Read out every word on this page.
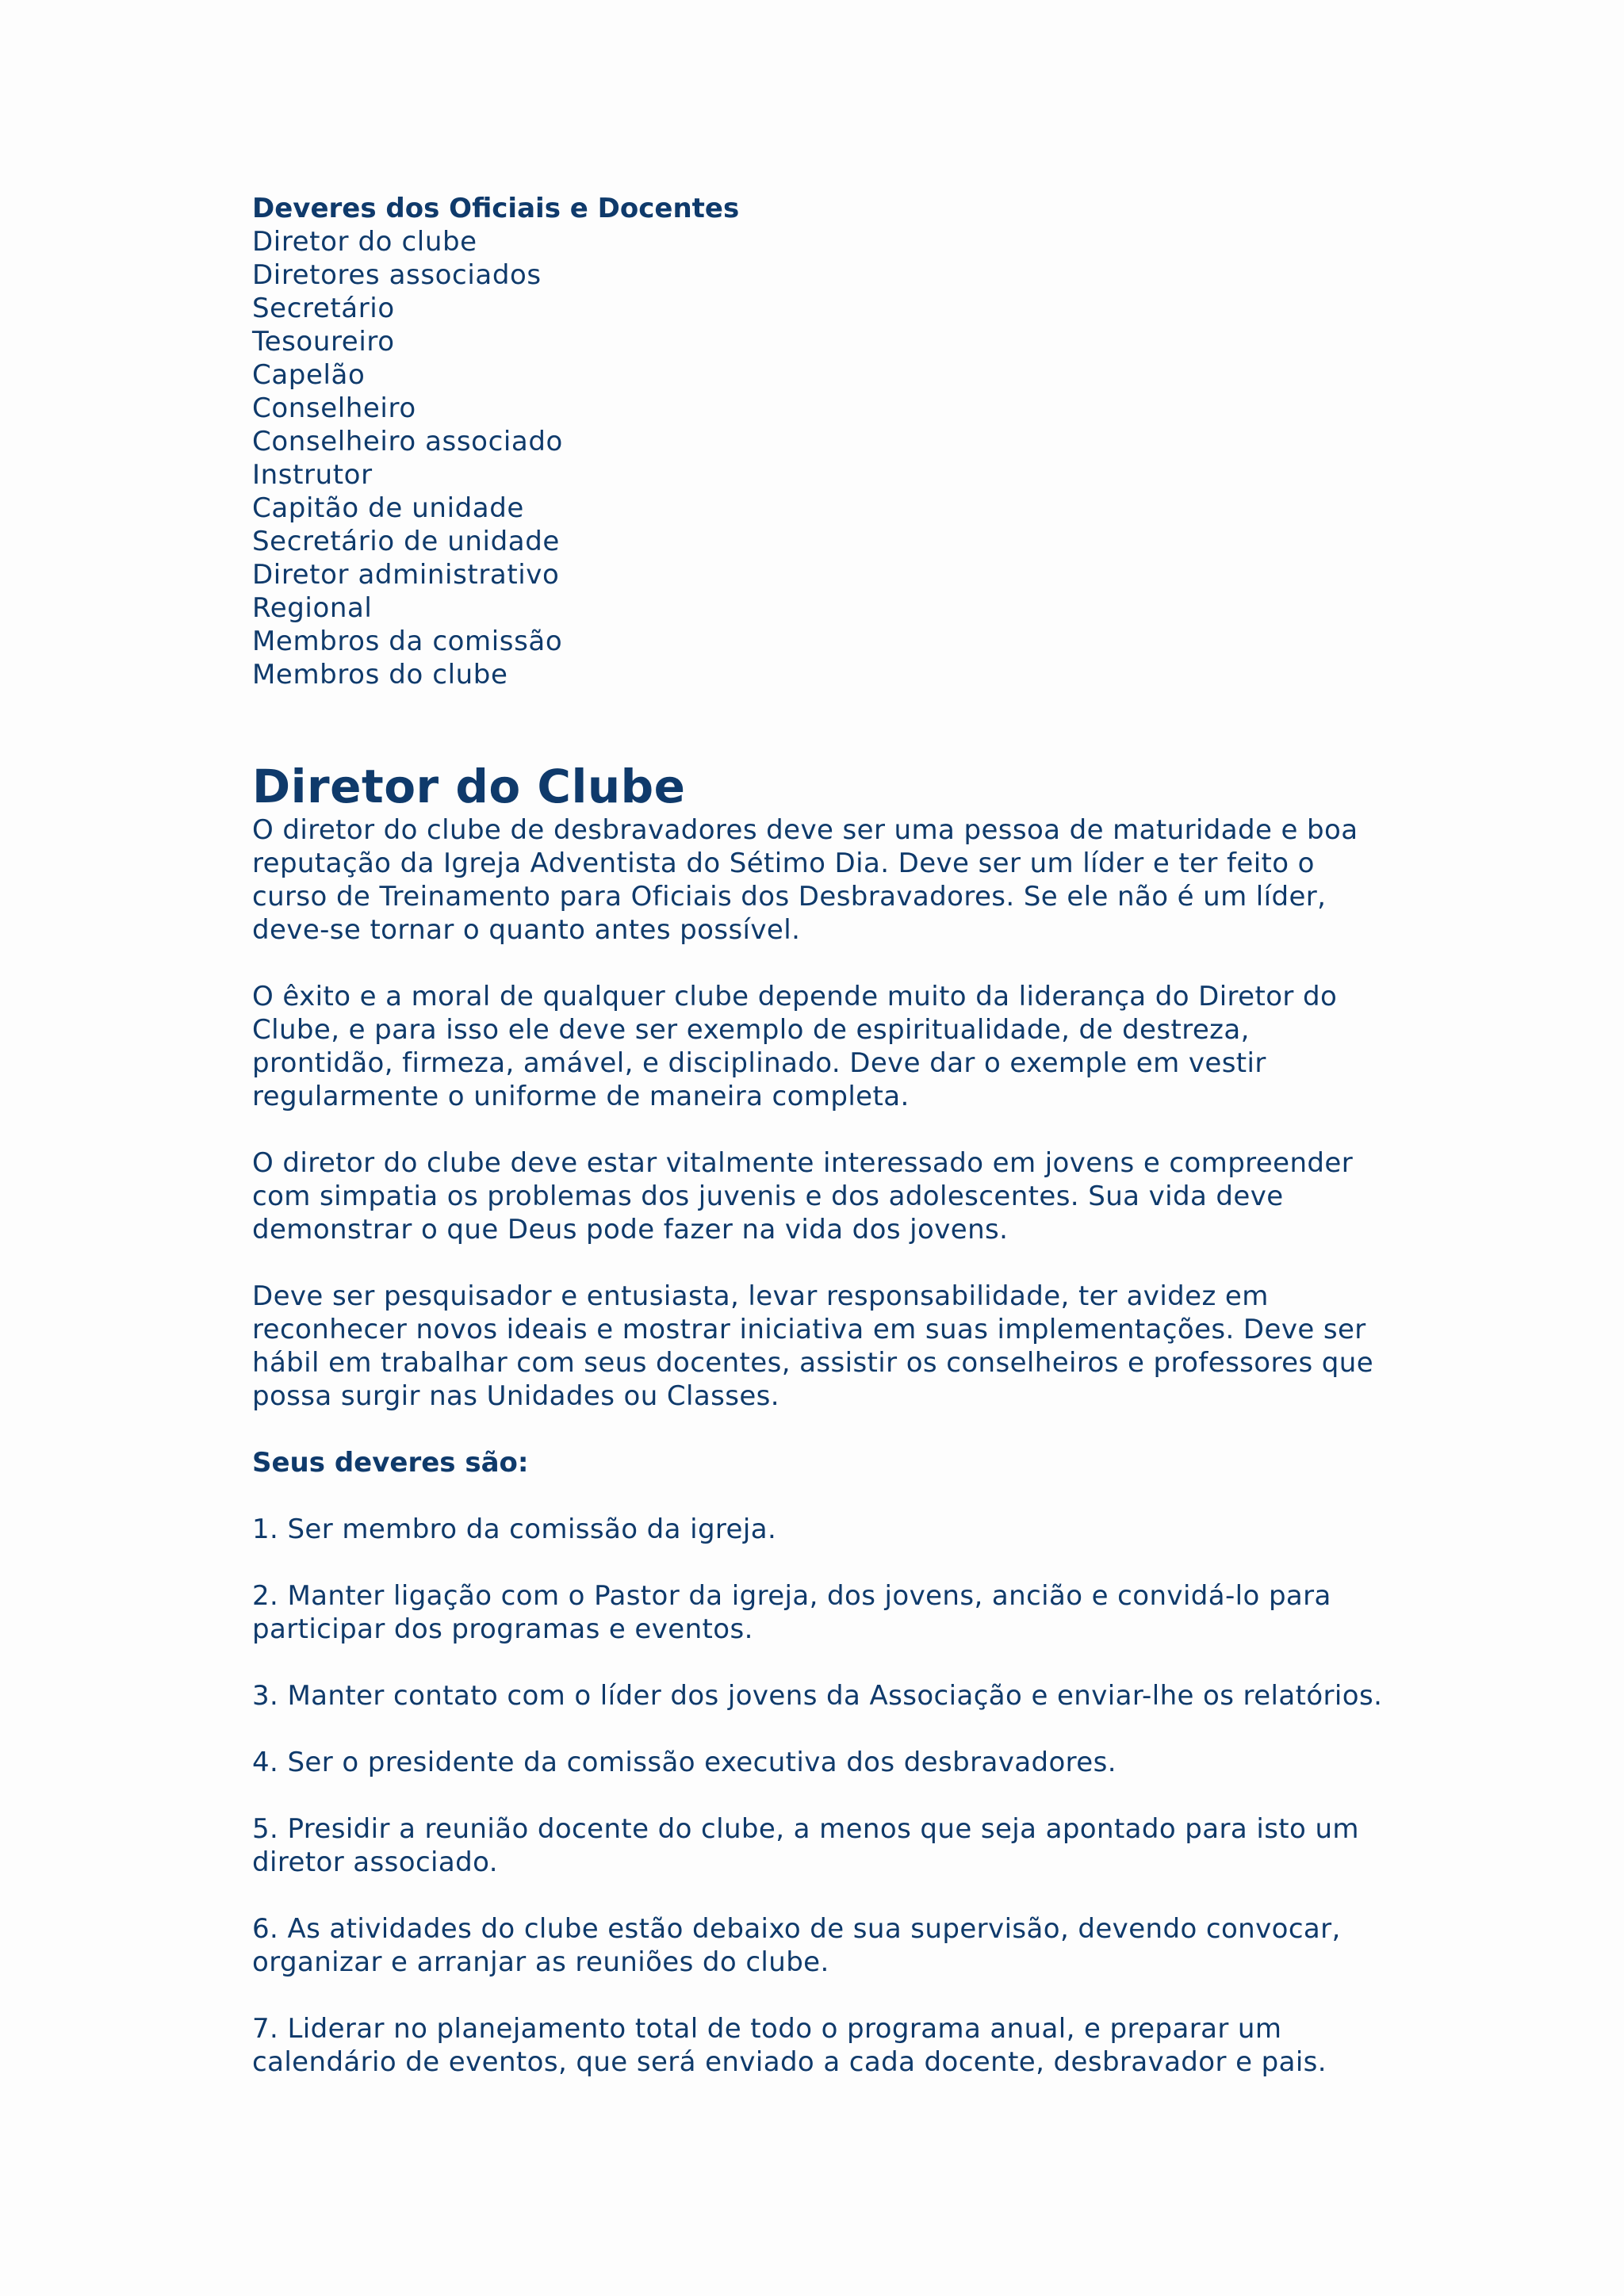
Deveres dos Oficiais e Docentes
Diretor do clube
Diretores associados
Secretário
Tesoureiro
Capelão
Conselheiro
Conselheiro associado
Instrutor
Capitão de unidade
Secretário de unidade
Diretor administrativo
Regional
Membros da comissão
Membros do clube
Diretor do Clube

O diretor do clube de desbravadores deve ser uma pessoa de maturidade e boa reputação da Igreja Adventista do Sétimo Dia. Deve ser um líder e ter feito o curso de Treinamento para Oficiais dos Desbravadores. Se ele não é um líder, deve-se tornar o quanto antes possível.

O êxito e a moral de qualquer clube depende muito da liderança do Diretor do Clube, e para isso ele deve ser exemplo de espiritualidade, de destreza, prontidão, firmeza, amável, e disciplinado. Deve dar o exemple em vestir regularmente o uniforme de maneira completa.

O diretor do clube deve estar vitalmente interessado em jovens e compreender com simpatia os problemas dos juvenis e dos adolescentes. Sua vida deve demonstrar o que Deus pode fazer na vida dos jovens.

Deve ser pesquisador e entusiasta, levar responsabilidade, ter avidez em reconhecer novos ideais e mostrar iniciativa em suas implementações. Deve ser hábil em trabalhar com seus docentes, assistir os conselheiros e professores que possa surgir nas Unidades ou Classes.

Seus deveres são:
1. Ser membro da comissão da igreja.
2. Manter ligação com o Pastor da igreja, dos jovens, ancião e convidá-lo para participar dos programas e eventos.
3. Manter contato com o líder dos jovens da Associação e enviar-lhe os relatórios.
4. Ser o presidente da comissão executiva dos desbravadores.
5. Presidir a reunião docente do clube, a menos que seja apontado para isto um diretor associado.
6. As atividades do clube estão debaixo de sua supervisão, devendo convocar, organizar e arranjar as reuniões do clube.
7. Liderar no planejamento total de todo o programa anual, e preparar um calendário de eventos, que será enviado a cada docente, desbravador e pais.
